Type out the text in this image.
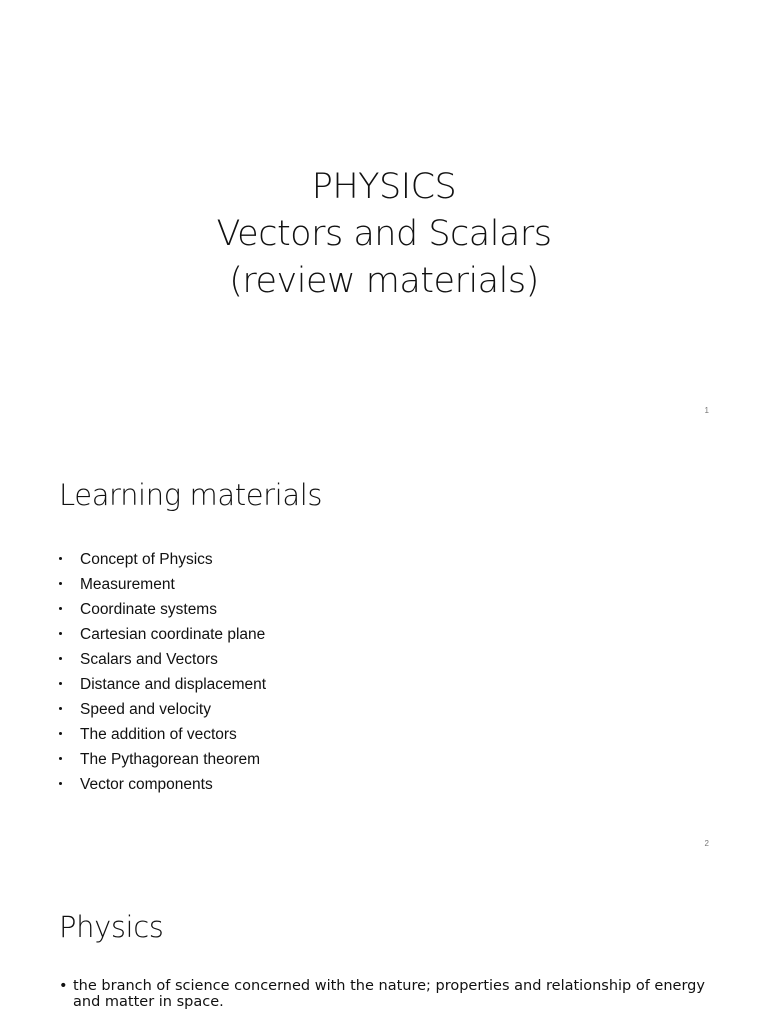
PHYSICS
Vectors and Scalars
(review materials)
1
Learning materials
Concept of Physics
Measurement
Coordinate systems
Cartesian coordinate plane
Scalars and Vectors
Distance and displacement
Speed and velocity
The addition of vectors
The Pythagorean theorem
Vector components
2
Physics
• the branch of science concerned with the nature; properties and relationship of energy and matter in space.
